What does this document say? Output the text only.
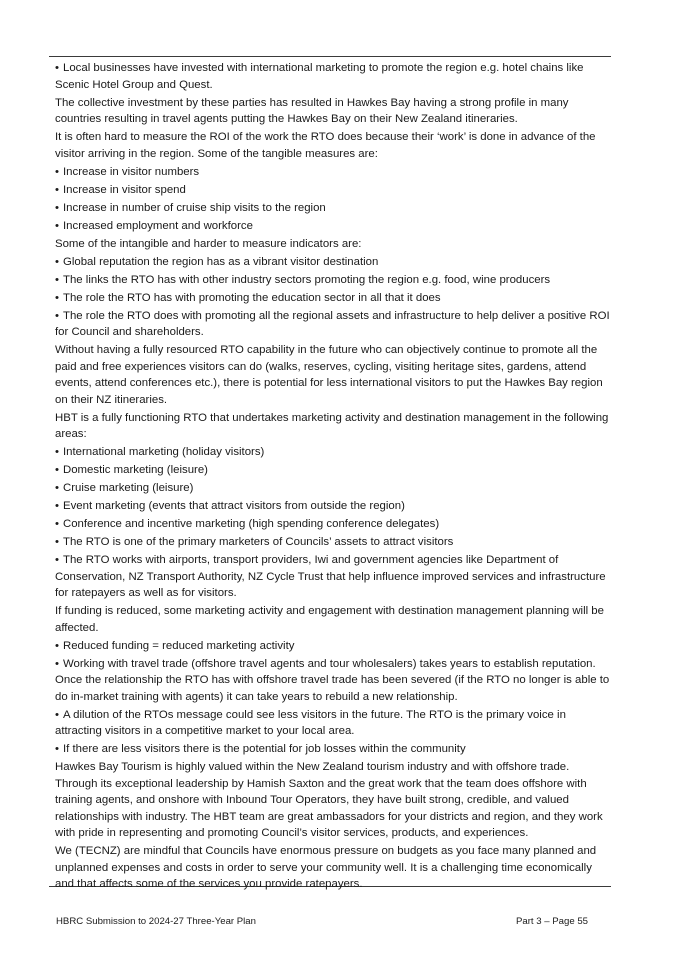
• Local businesses have invested with international marketing to promote the region e.g. hotel chains like Scenic Hotel Group and Quest.
The collective investment by these parties has resulted in Hawkes Bay having a strong profile in many countries resulting in travel agents putting the Hawkes Bay on their New Zealand itineraries.
It is often hard to measure the ROI of the work the RTO does because their ‘work’ is done in advance of the visitor arriving in the region. Some of the tangible measures are:
• Increase in visitor numbers
• Increase in visitor spend
• Increase in number of cruise ship visits to the region
• Increased employment and workforce
Some of the intangible and harder to measure indicators are:
• Global reputation the region has as a vibrant visitor destination
• The links the RTO has with other industry sectors promoting the region e.g. food, wine producers
• The role the RTO has with promoting the education sector in all that it does
• The role the RTO does with promoting all the regional assets and infrastructure to help deliver a positive ROI for Council and shareholders.
Without having a fully resourced RTO capability in the future who can objectively continue to promote all the paid and free experiences visitors can do (walks, reserves, cycling, visiting heritage sites, gardens, attend events, attend conferences etc.), there is potential for less international visitors to put the Hawkes Bay region on their NZ itineraries.
HBT is a fully functioning RTO that undertakes marketing activity and destination management in the following areas:
• International marketing (holiday visitors)
• Domestic marketing (leisure)
• Cruise marketing (leisure)
• Event marketing (events that attract visitors from outside the region)
• Conference and incentive marketing (high spending conference delegates)
• The RTO is one of the primary marketers of Councils’ assets to attract visitors
• The RTO works with airports, transport providers, Iwi and government agencies like Department of Conservation, NZ Transport Authority, NZ Cycle Trust that help influence improved services and infrastructure for ratepayers as well as for visitors.
If funding is reduced, some marketing activity and engagement with destination management planning will be affected.
• Reduced funding = reduced marketing activity
• Working with travel trade (offshore travel agents and tour wholesalers) takes years to establish reputation. Once the relationship the RTO has with offshore travel trade has been severed (if the RTO no longer is able to do in-market training with agents) it can take years to rebuild a new relationship.
• A dilution of the RTOs message could see less visitors in the future. The RTO is the primary voice in attracting visitors in a competitive market to your local area.
• If there are less visitors there is the potential for job losses within the community
Hawkes Bay Tourism is highly valued within the New Zealand tourism industry and with offshore trade. Through its exceptional leadership by Hamish Saxton and the great work that the team does offshore with training agents, and onshore with Inbound Tour Operators, they have built strong, credible, and valued relationships with industry. The HBT team are great ambassadors for your districts and region, and they work with pride in representing and promoting Council’s visitor services, products, and experiences.
We (TECNZ) are mindful that Councils have enormous pressure on budgets as you face many planned and unplanned expenses and costs in order to serve your community well. It is a challenging time economically and that affects some of the services you provide ratepayers.
HBRC Submission to 2024-27 Three-Year Plan	Part 3 – Page 55
